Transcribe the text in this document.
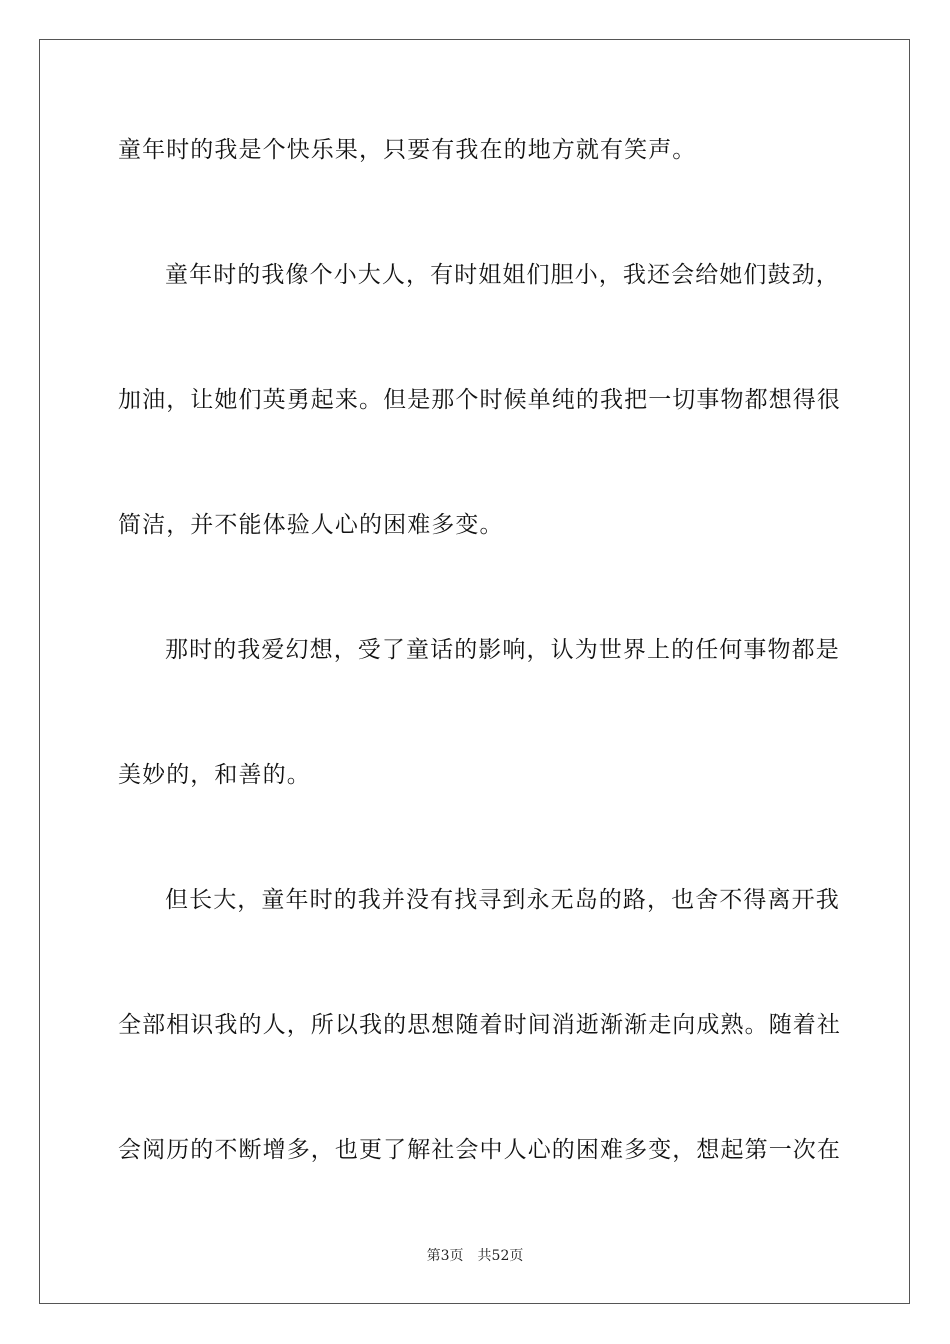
童年时的我是个快乐果，只要有我在的地方就有笑声。
童年时的我像个小大人，有时姐姐们胆小，我还会给她们鼓劲，
加油，让她们英勇起来。但是那个时候单纯的我把一切事物都想得很
简洁，并不能体验人心的困难多变。
那时的我爱幻想，受了童话的影响，认为世界上的任何事物都是
美妙的，和善的。
但长大，童年时的我并没有找寻到永无岛的路，也舍不得离开我
全部相识我的人，所以我的思想随着时间消逝渐渐走向成熟。随着社
会阅历的不断增多，也更了解社会中人心的困难多变，想起第一次在
第3页 共52页
